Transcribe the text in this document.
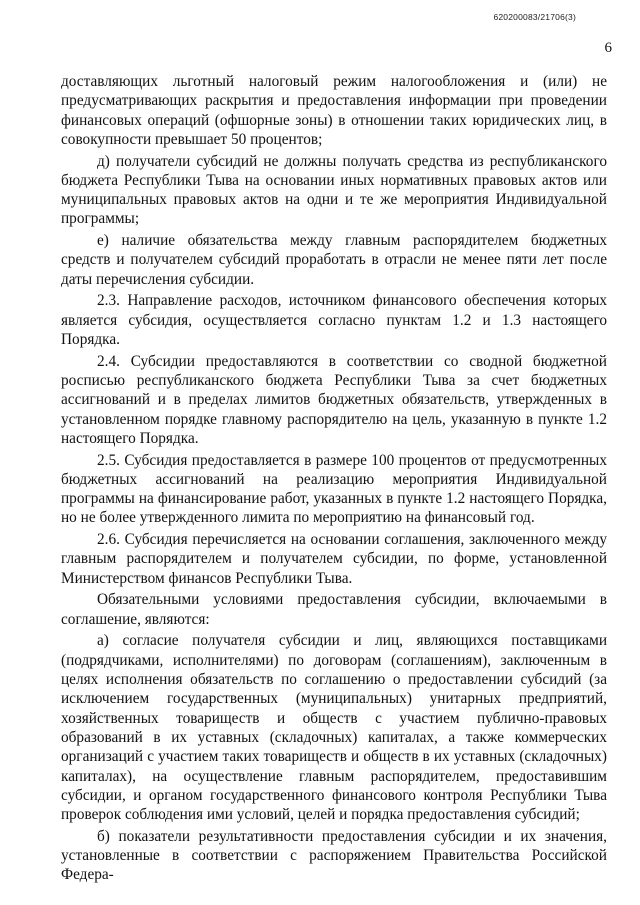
620200083/21706(3)
6

доставляющих льготный налоговый режим налогообложения и (или) не предусматривающих раскрытия и предоставления информации при проведении финансовых операций (офшорные зоны) в отношении таких юридических лиц, в совокупности превышает 50 процентов;

д) получатели субсидий не должны получать средства из республиканского бюджета Республики Тыва на основании иных нормативных правовых актов или муниципальных правовых актов на одни и те же мероприятия Индивидуальной программы;

е) наличие обязательства между главным распорядителем бюджетных средств и получателем субсидий проработать в отрасли не менее пяти лет после даты перечисления субсидии.

2.3. Направление расходов, источником финансового обеспечения которых является субсидия, осуществляется согласно пунктам 1.2 и 1.3 настоящего Порядка.

2.4. Субсидии предоставляются в соответствии со сводной бюджетной росписью республиканского бюджета Республики Тыва за счет бюджетных ассигнований и в пределах лимитов бюджетных обязательств, утвержденных в установленном порядке главному распорядителю на цель, указанную в пункте 1.2 настоящего Порядка.

2.5. Субсидия предоставляется в размере 100 процентов от предусмотренных бюджетных ассигнований на реализацию мероприятия Индивидуальной программы на финансирование работ, указанных в пункте 1.2 настоящего Порядка, но не более утвержденного лимита по мероприятию на финансовый год.

2.6. Субсидия перечисляется на основании соглашения, заключенного между главным распорядителем и получателем субсидии, по форме, установленной Министерством финансов Республики Тыва.

Обязательными условиями предоставления субсидии, включаемыми в соглашение, являются:

а) согласие получателя субсидии и лиц, являющихся поставщиками (подрядчиками, исполнителями) по договорам (соглашениям), заключенным в целях исполнения обязательств по соглашению о предоставлении субсидий (за исключением государственных (муниципальных) унитарных предприятий, хозяйственных товариществ и обществ с участием публично-правовых образований в их уставных (складочных) капиталах, а также коммерческих организаций с участием таких товариществ и обществ в их уставных (складочных) капиталах), на осуществление главным распорядителем, предоставившим субсидии, и органом государственного финансового контроля Республики Тыва проверок соблюдения ими условий, целей и порядка предоставления субсидий;

б) показатели результативности предоставления субсидии и их значения, установленные в соответствии с распоряжением Правительства Российской Федера-
